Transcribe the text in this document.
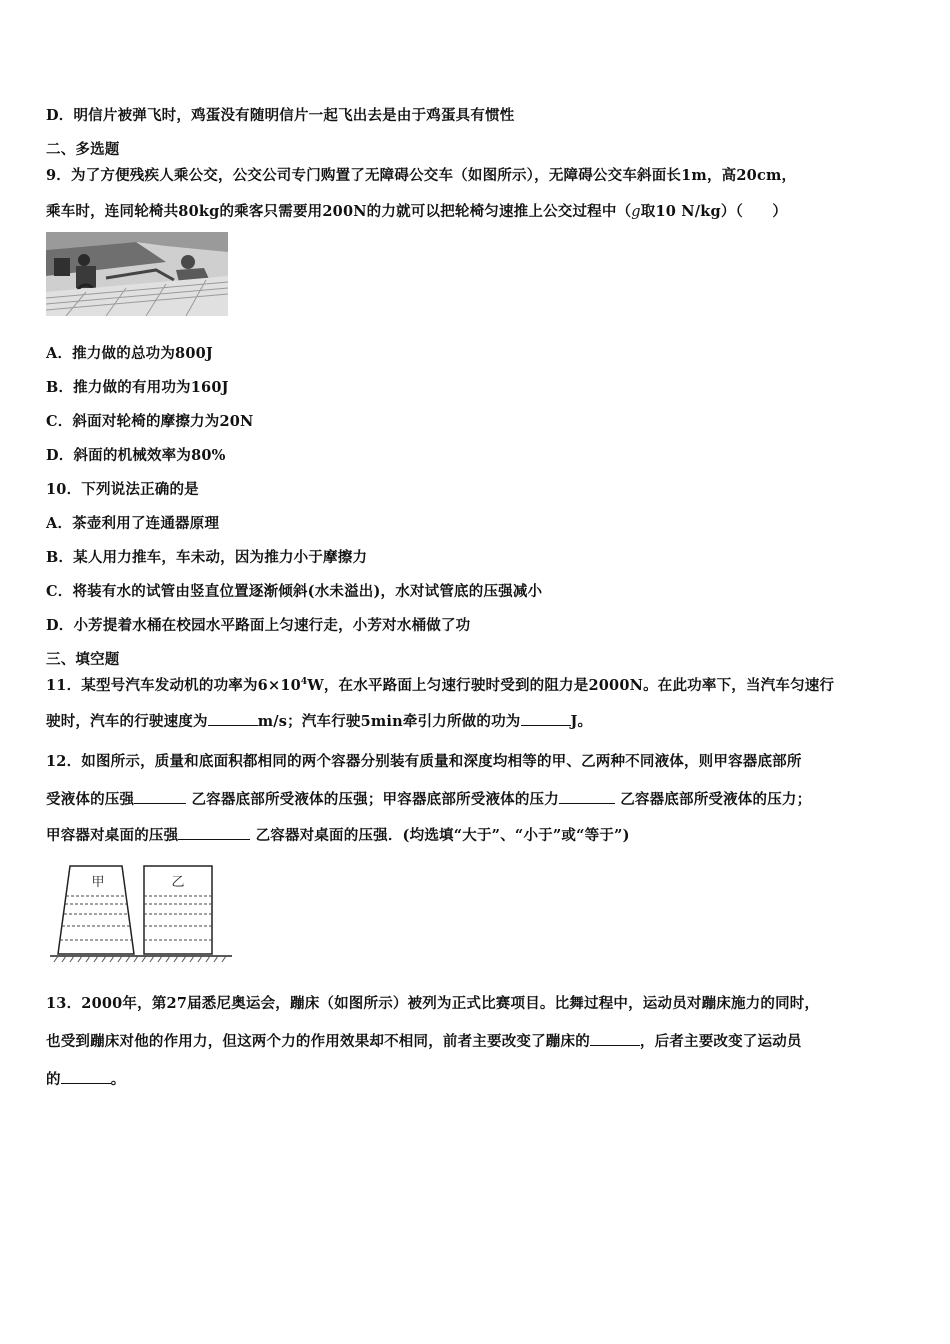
D．明信片被弹飞时，鸡蛋没有随明信片一起飞出去是由于鸡蛋具有惯性
二、多选题
9．为了方便残疾人乘公交，公交公司专门购置了无障碍公交车（如图所示），无障碍公交车斜面长1m，高20cm，
乘车时，连同轮椅共80kg的乘客只需要用200N的力就可以把轮椅匀速推上公交过程中（g取10 N/kg）（　　）
A．推力做的总功为800J
B．推力做的有用功为160J
C．斜面对轮椅的摩擦力为20N
D．斜面的机械效率为80%
10．下列说法正确的是
A．茶壶利用了连通器原理
B．某人用力推车，车未动，因为推力小于摩擦力
C．将装有水的试管由竖直位置逐渐倾斜(水未溢出)，水对试管底的压强减小
D．小芳提着水桶在校园水平路面上匀速行走，小芳对水桶做了功
三、填空题
11．某型号汽车发动机的功率为$6\times 10^4W$，在水平路面上匀速行驶时受到的阻力是2000N。在此功率下，当汽车匀速行
驶时，汽车的行驶速度为	m/s；汽车行驶5min牵引力所做的功为	J。
12．如图所示，质量和底面积都相同的两个容器分别装有质量和深度均相等的甲、乙两种不同液体，则甲容器底部所
受液体的压强	乙容器底部所受液体的压强；甲容器底部所受液体的压力	乙容器底部所受液体的压力；
甲容器对桌面的压强	乙容器对桌面的压强．(均选填“大于”、“小于”或“等于”)
甲	乙
13．2000年，第27届悉尼奥运会，蹦床（如图所示）被列为正式比赛项目。比舞过程中，运动员对蹦床施力的同时，
也受到蹦床对他的作用力，但这两个力的作用效果却不相同，前者主要改变了蹦床的	，后者主要改变了运动员
的	。
